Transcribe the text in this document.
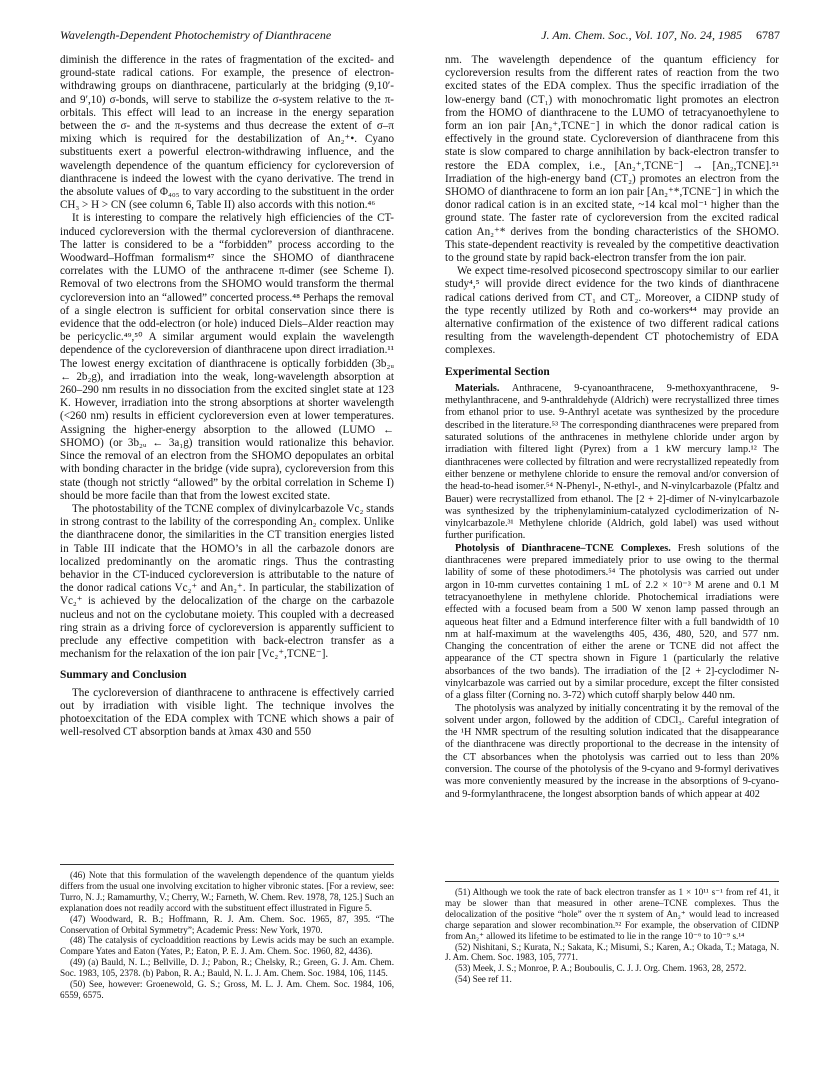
Wavelength-Dependent Photochemistry of Dianthracene	J. Am. Chem. Soc., Vol. 107, No. 24, 1985 6787

diminish the difference in the rates of fragmentation of the excited- and ground-state radical cations. For example, the presence of electron-withdrawing groups on dianthracene, particularly at the bridging (9,10′- and 9′,10) σ-bonds, will serve to stabilize the σ-system relative to the π-orbitals. This effect will lead to an increase in the energy separation between the σ- and the π-systems and thus decrease the extent of σ–π mixing which is required for the destabilization of An₂⁺•. Cyano substituents exert a powerful electron-withdrawing influence, and the wavelength dependence of the quantum efficiency for cycloreversion of dianthracene is indeed the lowest with the cyano derivative. The trend in the absolute values of Φ₄₀₅ to vary according to the substituent in the order CH₃ > H > CN (see column 6, Table II) also accords with this notion.⁴⁶

It is interesting to compare the relatively high efficiencies of the CT-induced cycloreversion with the thermal cycloreversion of dianthracene. The latter is considered to be a “forbidden” process according to the Woodward–Hoffman formalism⁴⁷ since the SHOMO of dianthracene correlates with the LUMO of the anthracene π-dimer (see Scheme I). Removal of two electrons from the SHOMO would transform the thermal cycloreversion into an “allowed” concerted process.⁴⁸ Perhaps the removal of a single electron is sufficient for orbital conservation since there is evidence that the odd-electron (or hole) induced Diels–Alder reaction may be pericyclic.⁴⁹,⁵⁰ A similar argument would explain the wavelength dependence of the cycloreversion of dianthracene upon direct irradiation.¹¹ The lowest energy excitation of dianthracene is optically forbidden (3b₂ᵤ ← 2b₂g), and irradiation into the weak, long-wavelength absorption at 260–290 nm results in no dissociation from the excited singlet state at 123 K. However, irradiation into the strong absorptions at shorter wavelength (<260 nm) results in efficient cycloreversion even at lower temperatures. Assigning the higher-energy absorption to the allowed (LUMO ← SHOMO) (or 3b₂ᵤ ← 3a₁g) transition would rationalize this behavior. Since the removal of an electron from the SHOMO depopulates an orbital with bonding character in the bridge (vide supra), cycloreversion from this state (though not strictly “allowed” by the orbital correlation in Scheme I) should be more facile than that from the lowest excited state.

The photostability of the TCNE complex of divinylcarbazole Vc₂ stands in strong contrast to the lability of the corresponding An₂ complex. Unlike the dianthracene donor, the similarities in the CT transition energies listed in Table III indicate that the HOMO’s in all the carbazole donors are localized predominantly on the aromatic rings. Thus the contrasting behavior in the CT-induced cycloreversion is attributable to the nature of the donor radical cations Vc₂⁺ and An₂⁺. In particular, the stabilization of Vc₂⁺ is achieved by the delocalization of the charge on the carbazole nucleus and not on the cyclobutane moiety. This coupled with a decreased ring strain as a driving force of cycloreversion is apparently sufficient to preclude any effective competition with back-electron transfer as a mechanism for the relaxation of the ion pair [Vc₂⁺,TCNE⁻].

Summary and Conclusion

The cycloreversion of dianthracene to anthracene is effectively carried out by irradiation with visible light. The technique involves the photoexcitation of the EDA complex with TCNE which shows a pair of well-resolved CT absorption bands at λmax 430 and 550

(46) Note that this formulation of the wavelength dependence of the quantum yields differs from the usual one involving excitation to higher vibronic states. [For a review, see: Turro, N. J.; Ramamurthy, V.; Cherry, W.; Farneth, W. Chem. Rev. 1978, 78, 125.] Such an explanation does not readily accord with the substituent effect illustrated in Figure 5.

(47) Woodward, R. B.; Hoffmann, R. J. Am. Chem. Soc. 1965, 87, 395. “The Conservation of Orbital Symmetry”; Academic Press: New York, 1970.

(48) The catalysis of cycloaddition reactions by Lewis acids may be such an example. Compare Yates and Eaton (Yates, P.; Eaton, P. E. J. Am. Chem. Soc. 1960, 82, 4436).

(49) (a) Bauld, N. L.; Bellville, D. J.; Pabon, R.; Chelsky, R.; Green, G. J. Am. Chem. Soc. 1983, 105, 2378. (b) Pabon, R. A.; Bauld, N. L. J. Am. Chem. Soc. 1984, 106, 1145.

(50) See, however: Groenewold, G. S.; Gross, M. L. J. Am. Chem. Soc. 1984, 106, 6559, 6575.

nm. The wavelength dependence of the quantum efficiency for cycloreversion results from the different rates of reaction from the two excited states of the EDA complex. Thus the specific irradiation of the low-energy band (CT₁) with monochromatic light promotes an electron from the HOMO of dianthracene to the LUMO of tetracyanoethylene to form an ion pair [An₂⁺,TCNE⁻] in which the donor radical cation is effectively in the ground state. Cycloreversion of dianthracene from this state is slow compared to charge annihilation by back-electron transfer to restore the EDA complex, i.e., [An₂⁺,TCNE⁻] → [An₂,TCNE].⁵¹ Irradiation of the high-energy band (CT₂) promotes an electron from the SHOMO of dianthracene to form an ion pair [An₂⁺*,TCNE⁻] in which the donor radical cation is in an excited state, ~14 kcal mol⁻¹ higher than the ground state. The faster rate of cycloreversion from the excited radical cation An₂⁺* derives from the bonding characteristics of the SHOMO. This state-dependent reactivity is revealed by the competitive deactivation to the ground state by rapid back-electron transfer from the ion pair.

We expect time-resolved picosecond spectroscopy similar to our earlier study⁴,⁵ will provide direct evidence for the two kinds of dianthracene radical cations derived from CT₁ and CT₂. Moreover, a CIDNP study of the type recently utilized by Roth and co-workers⁴⁴ may provide an alternative confirmation of the existence of two different radical cations resulting from the wavelength-dependent CT photochemistry of EDA complexes.

Experimental Section

Materials. Anthracene, 9-cyanoanthracene, 9-methoxyanthracene, 9-methylanthracene, and 9-anthraldehyde (Aldrich) were recrystallized three times from ethanol prior to use. 9-Anthryl acetate was synthesized by the procedure described in the literature.⁵³ The corresponding dianthracenes were prepared from saturated solutions of the anthracenes in methylene chloride under argon by irradiation with filtered light (Pyrex) from a 1 kW mercury lamp.¹² The dianthracenes were collected by filtration and were recrystallized repeatedly from either benzene or methylene chloride to ensure the removal and/or conversion of the head-to-head isomer.⁵⁴ N-Phenyl-, N-ethyl-, and N-vinylcarbazole (Pfaltz and Bauer) were recrystallized from ethanol. The [2 + 2]-dimer of N-vinylcarbazole was synthesized by the triphenylaminium-catalyzed cyclodimerization of N-vinylcarbazole.³¹ Methylene chloride (Aldrich, gold label) was used without further purification.

Photolysis of Dianthracene–TCNE Complexes. Fresh solutions of the dianthracenes were prepared immediately prior to use owing to the thermal lability of some of these photodimers.⁵⁴ The photolysis was carried out under argon in 10-mm curvettes containing 1 mL of 2.2 × 10⁻³ M arene and 0.1 M tetracyanoethylene in methylene chloride. Photochemical irradiations were effected with a focused beam from a 500 W xenon lamp passed through an aqueous heat filter and a Edmund interference filter with a full bandwidth of 10 nm at half-maximum at the wavelengths 405, 436, 480, 520, and 577 nm. Changing the concentration of either the arene or TCNE did not affect the appearance of the CT spectra shown in Figure 1 (particularly the relative absorbances of the two bands). The irradiation of the [2 + 2]-cyclodimer N-vinylcarbazole was carried out by a similar procedure, except the filter consisted of a glass filter (Corning no. 3-72) which cutoff sharply below 440 nm.

The photolysis was analyzed by initially concentrating it by the removal of the solvent under argon, followed by the addition of CDCl₃. Careful integration of the ¹H NMR spectrum of the resulting solution indicated that the disappearance of the dianthracene was directly proportional to the decrease in the intensity of the CT absorbances when the photolysis was carried out to less than 20% conversion. The course of the photolysis of the 9-cyano and 9-formyl derivatives was more conveniently measured by the increase in the absorptions of 9-cyano- and 9-formylanthracene, the longest absorption bands of which appear at 402

(51) Although we took the rate of back electron transfer as 1 × 10¹¹ s⁻¹ from ref 41, it may be slower than that measured in other arene–TCNE complexes. Thus the delocalization of the positive “hole” over the π system of An₂⁺ would lead to increased charge separation and slower recombination.⁵² For example, the observation of CIDNP from An₂⁺ allowed its lifetime to be estimated to lie in the range 10⁻⁶ to 10⁻⁹ s.¹⁴

(52) Nishitani, S.; Kurata, N.; Sakata, K.; Misumi, S.; Karen, A.; Okada, T.; Mataga, N. J. Am. Chem. Soc. 1983, 105, 7771.

(53) Meek, J. S.; Monroe, P. A.; Bouboulis, C. J. J. Org. Chem. 1963, 28, 2572.

(54) See ref 11.
